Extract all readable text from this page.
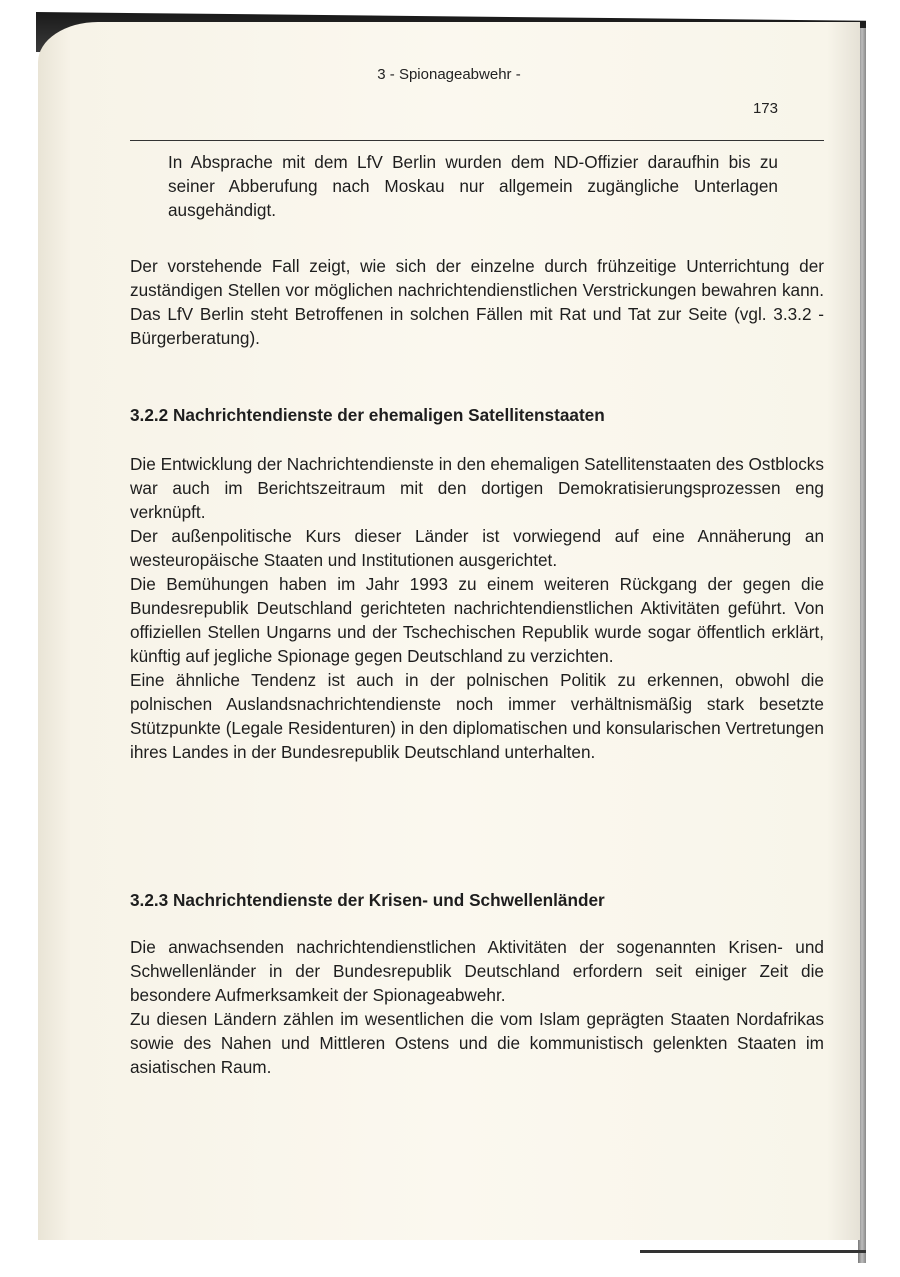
3 - Spionageabwehr -
173

In Absprache mit dem LfV Berlin wurden dem ND-Offizier daraufhin bis zu seiner Abberufung nach Moskau nur allgemein zugängliche Unterlagen ausgehändigt.

Der vorstehende Fall zeigt, wie sich der einzelne durch frühzeitige Unterrichtung der zuständigen Stellen vor möglichen nachrichtendienstlichen Verstrickungen bewahren kann. Das LfV Berlin steht Betroffenen in solchen Fällen mit Rat und Tat zur Seite (vgl. 3.3.2 - Bürgerberatung).

3.2.2 Nachrichtendienste der ehemaligen Satellitenstaaten

Die Entwicklung der Nachrichtendienste in den ehemaligen Satellitenstaaten des Ostblocks war auch im Berichtszeitraum mit den dortigen Demokratisierungsprozessen eng verknüpft.

Der außenpolitische Kurs dieser Länder ist vorwiegend auf eine Annäherung an westeuropäische Staaten und Institutionen ausgerichtet.

Die Bemühungen haben im Jahr 1993 zu einem weiteren Rückgang der gegen die Bundesrepublik Deutschland gerichteten nachrichtendienstlichen Aktivitäten geführt. Von offiziellen Stellen Ungarns und der Tschechischen Republik wurde sogar öffentlich erklärt, künftig auf jegliche Spionage gegen Deutschland zu verzichten.

Eine ähnliche Tendenz ist auch in der polnischen Politik zu erkennen, obwohl die polnischen Auslandsnachrichtendienste noch immer verhältnismäßig stark besetzte Stützpunkte (Legale Residenturen) in den diplomatischen und konsularischen Vertretungen ihres Landes in der Bundesrepublik Deutschland unterhalten.

3.2.3 Nachrichtendienste der Krisen- und Schwellenländer

Die anwachsenden nachrichtendienstlichen Aktivitäten der sogenannten Krisen- und Schwellenländer in der Bundesrepublik Deutschland erfordern seit einiger Zeit die besondere Aufmerksamkeit der Spionageabwehr.

Zu diesen Ländern zählen im wesentlichen die vom Islam geprägten Staaten Nordafrikas sowie des Nahen und Mittleren Ostens und die kommunistisch gelenkten Staaten im asiatischen Raum.
